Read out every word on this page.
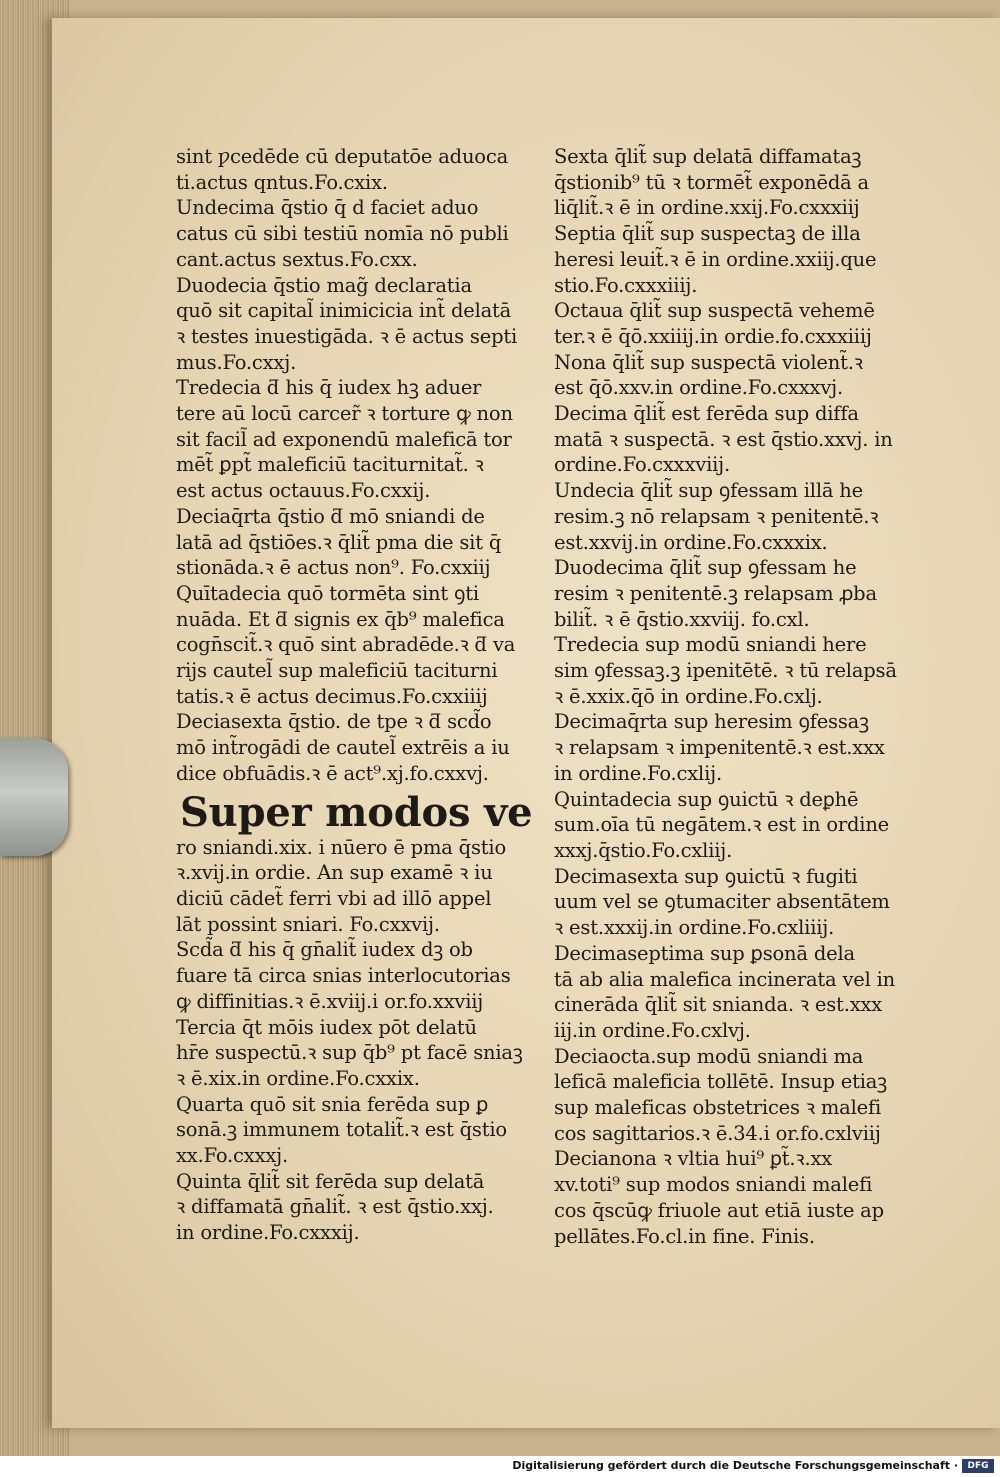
sint ƿcedēde cū deputatōe aduoca
ti.actus qntus.Fo.cxix.
Undecima q̄stio q̄ d faciet aduo
catus cū sibi testiū nomīa nō publi
cant.actus sextus.Fo.cxx.
Duodecia q̄stio mag̃ declaratia
quō sit capital̃ inimicicia int̃ delatā
ꝛ testes inuestigāda. ꝛ ē actus septi
mus.Fo.cxxj.
Tredecia ƌ his q̄ iudex hꝫ aduer
tere aū locū carcer̃ ꝛ torture ꝙ non
sit facil̃ ad exponendū maleficā tor
mēt̃ ꝑpt̃ maleficiū taciturnitat̃. ꝛ
est actus octauus.Fo.cxxij.
Deciaq̄rta q̄stio ƌ mō sniandi de
latā ad q̄stiōes.ꝛ q̄lit̃ pma die sit q̄
stionāda.ꝛ ē actus non⁹. Fo.cxxiij
Quītadecia quō tormēta sint ꝯti
nuāda. Et ƌ signis ex q̄b⁹ malefica
cogn̄scit̃.ꝛ quō sint abradēde.ꝛ ƌ va
rijs cautel̃ sup maleficiū taciturni
tatis.ꝛ ē actus decimus.Fo.cxxiiij
Deciasexta q̄stio. de tpe ꝛ ƌ scd̃o
mō int̃rogādi de cautel̃ extrēis a iu
dice obfuādis.ꝛ ē act⁹.xj.fo.cxxvj.
Super modos ve
ro sniandi.xix. i nūero ē pma q̄stio
ꝛ.xvij.in ordie. An sup examē ꝛ iu
diciū cādet̃ ferri vbi ad illō appel
lāt possint sniari. Fo.cxxvij.
Scd̃a ƌ his q̄ gn̄alit̃ iudex dꝫ ob
fuare tā circa snias interlocutorias
ꝙ diffinitias.ꝛ ē.xviij.i or.fo.xxviij
Tercia q̄t mōis iudex pōt delatū
hr̄e suspectū.ꝛ sup q̄b⁹ pt facē sniaꝫ
ꝛ ē.xix.in ordine.Fo.cxxix.
Quarta quō sit snia ferēda sup ꝑ
sonā.ꝫ immunem totalit̃.ꝛ est q̄stio
xx.Fo.cxxxj.
Quinta q̄lit̃ sit ferēda sup delatā
ꝛ diffamatā gn̄alit̃. ꝛ est q̄stio.xxj.
in ordine.Fo.cxxxij.
Sexta q̄lit̃ sup delatā diffamataꝫ
q̄stionib⁹ tū ꝛ tormēt̃ exponēdā a
liq̄lit̃.ꝛ ē in ordine.xxij.Fo.cxxxiij
Septia q̄lit̃ sup suspectaꝫ de illa
heresi leuit̃.ꝛ ē in ordine.xxiij.que
stio.Fo.cxxxiiij.
Octaua q̄lit̃ sup suspectā vehemē
ter.ꝛ ē q̄ō.xxiiij.in ordie.fo.cxxxiiij
Nona q̄lit̃ sup suspectā violent̃.ꝛ
est q̄ō.xxv.in ordine.Fo.cxxxvj.
Decima q̄lit̃ est ferēda sup diffa
matā ꝛ suspectā. ꝛ est q̄stio.xxvj. in
ordine.Fo.cxxxviij.
Undecia q̄lit̃ sup ꝯfessam illā he
resim.ꝫ nō relapsam ꝛ penitentē.ꝛ
est.xxvij.in ordine.Fo.cxxxix.
Duodecima q̄lit̃ sup ꝯfessam he
resim ꝛ penitentē.ꝫ relapsam ꝓba
bilit̃. ꝛ ē q̄stio.xxviij. fo.cxl.
Tredecia sup modū sniandi here
sim ꝯfessaꝫ.ꝫ ipenitētē. ꝛ tū relapsā
ꝛ ē.xxix.q̄ō in ordine.Fo.cxlj.
Decimaq̄rta sup heresim ꝯfessaꝫ
ꝛ relapsam ꝛ impenitentē.ꝛ est.xxx
in ordine.Fo.cxlij.
Quintadecia sup ꝯuictū ꝛ deꝑhē
sum.oīa tū negātem.ꝛ est in ordine
xxxj.q̄stio.Fo.cxliij.
Decimasexta sup ꝯuictū ꝛ fugiti
uum vel se ꝯtumaciter absentātem
ꝛ est.xxxij.in ordine.Fo.cxliiij.
Decimaseptima sup ꝑsonā dela
tā ab alia malefica incinerata vel in
cinerāda q̄lit̃ sit snianda. ꝛ est.xxx
iij.in ordine.Fo.cxlvj.
Deciaocta.sup modū sniandi ma
leficā maleficia tollētē. Insup etiaꝫ
sup maleficas obstetrices ꝛ malefi
cos sagittarios.ꝛ ē.34.i or.fo.cxlviij
Decianona ꝛ vltia hui⁹ ꝑt̃.ꝛ.xx
xv.toti⁹ sup modos sniandi malefi
cos q̄scūꝙ friuole aut etiā iuste ap
pellātes.Fo.cl.in fine. Finis.
Digitalisierung gefördert durch die Deutsche Forschungsgemeinschaft ·	DFG
